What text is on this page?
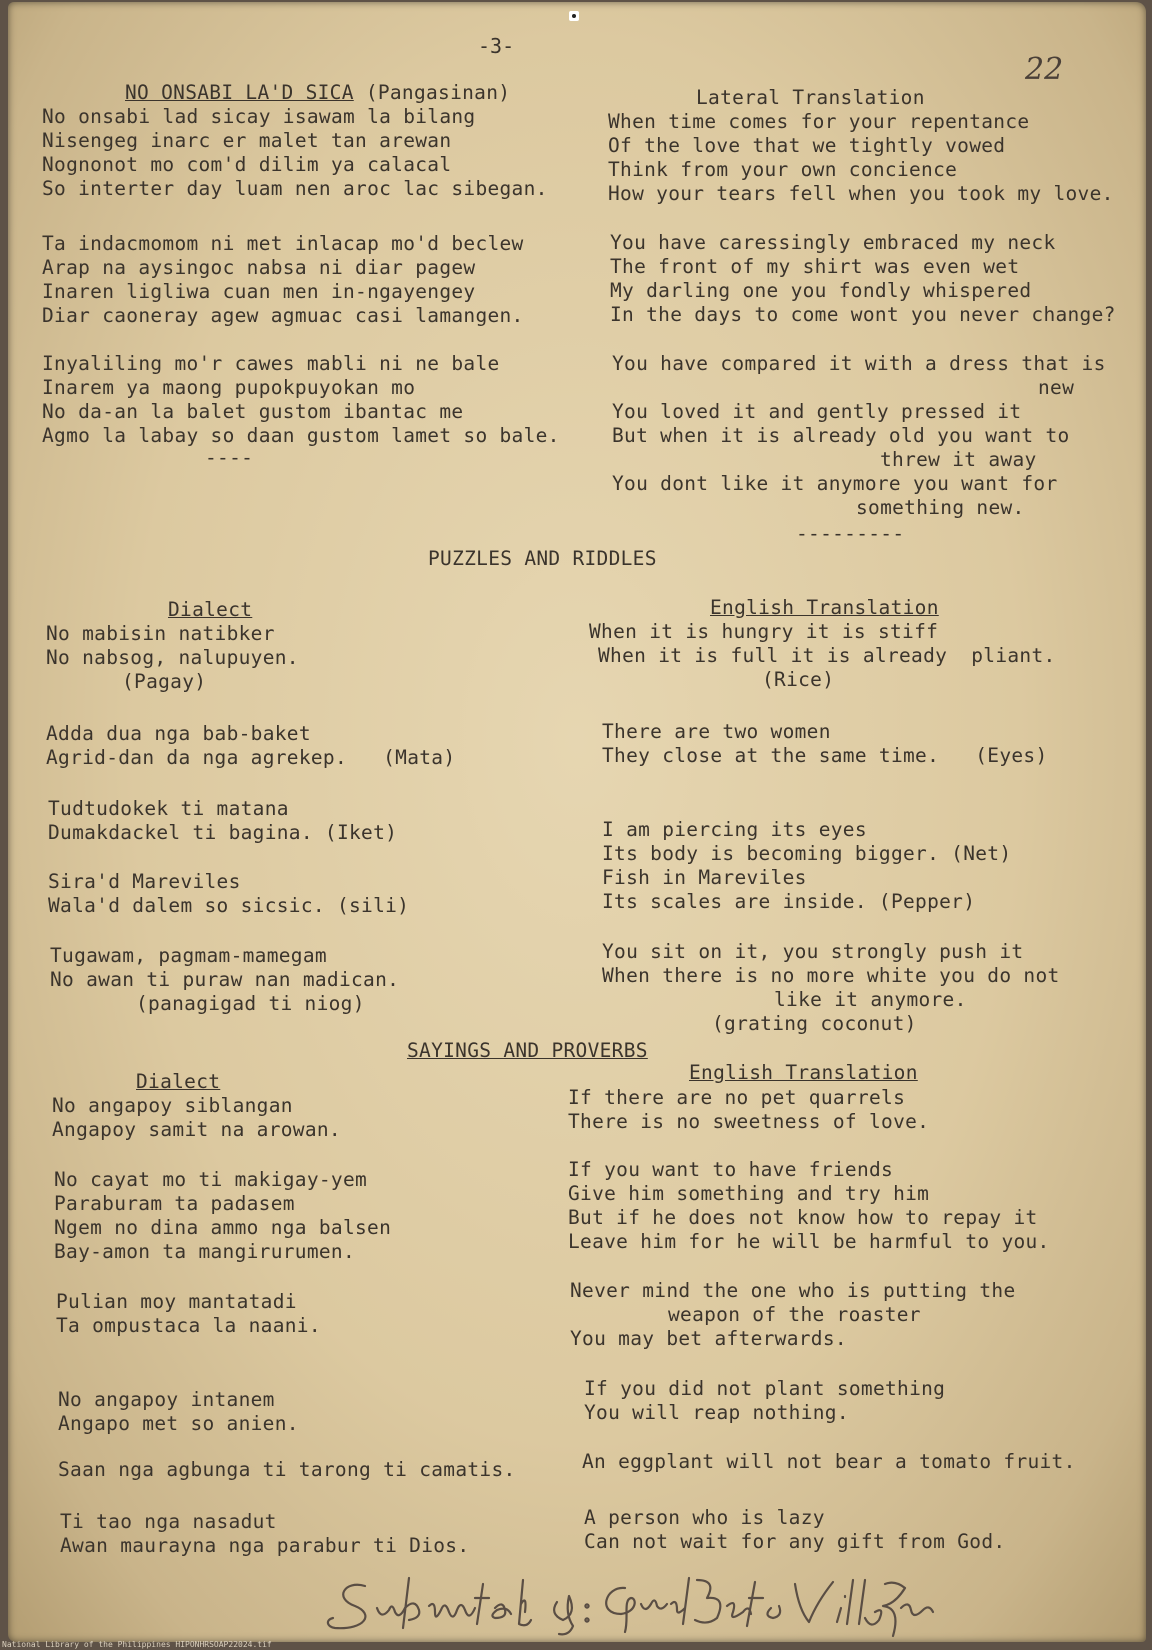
-3-
22
NO ONSABI LA'D SICA (Pangasinan)

No onsabi lad sicay isawam la bilang

Nisengeg inarc er malet tan arewan

Nognonot mo com'd dilim ya calacal

So interter day luam nen aroc lac sibegan.

Ta indacmomom ni met inlacap mo'd beclew

Arap na aysingoc nabsa ni diar pagew

Inaren ligliwa cuan men in-ngayengey

Diar caoneray agew agmuac casi lamangen.

Inyaliling mo'r cawes mabli ni ne bale

Inarem ya maong pupokpuyokan mo

No da-an la balet gustom ibantac me

Agmo la labay so daan gustom lamet so bale.

----

Lateral Translation

When time comes for your repentance

Of the love that we tightly vowed

Think from your own concience

How your tears fell when you took my love.

You have caressingly embraced my neck

The front of my shirt was even wet

My darling one you fondly whispered

In the days to come wont you never change?

You have compared it with a dress that is

new

You loved it and gently pressed it

But when it is already old you want to

threw it away

You dont like it anymore you want for

something new.

---------

PUZZLES AND RIDDLES

Dialect	English Translation

No mabisin natibker

No nabsog, nalupuyen.

(Pagay)

When it is hungry it is stiff

When it is full it is already  pliant.

(Rice)

Adda dua nga bab-baket

Agrid-dan da nga agrekep.   (Mata)

There are two women

They close at the same time.   (Eyes)

Tudtudokek ti matana

Dumakdackel ti bagina. (Iket)	I am piercing its eyes

Its body is becoming bigger. (Net)

Sira'd Mareviles

Wala'd dalem so sicsic. (sili)

Fish in Mareviles

Its scales are inside. (Pepper)

Tugawam, pagmam-mamegam

No awan ti puraw nan madican.

(panagigad ti niog)

You sit on it, you strongly push it

When there is no more white you do not

like it anymore.

(grating coconut)

SAYINGS AND PROVERBS

Dialect	English Translation

No angapoy siblangan

Angapoy samit na arowan.

If there are no pet quarrels

There is no sweetness of love.

No cayat mo ti makigay-yem

Paraburam ta padasem

Ngem no dina ammo nga balsen

Bay-amon ta mangirurumen.

If you want to have friends

Give him something and try him

But if he does not know how to repay it

Leave him for he will be harmful to you.

Pulian moy mantatadi

Ta ompustaca la naani.

Never mind the one who is putting the

weapon of the roaster

You may bet afterwards.

No angapoy intanem

Angapo met so anien.

If you did not plant something

You will reap nothing.

Saan nga agbunga ti tarong ti camatis.	An eggplant will not bear a tomato fruit.

Ti tao nga nasadut

Awan maurayna nga parabur ti Dios.

A person who is lazy

Can not wait for any gift from God.

Submitted by: Gualberto Villafuerte
National Library of the Philippines HIPONHRSOAP22024.tif
